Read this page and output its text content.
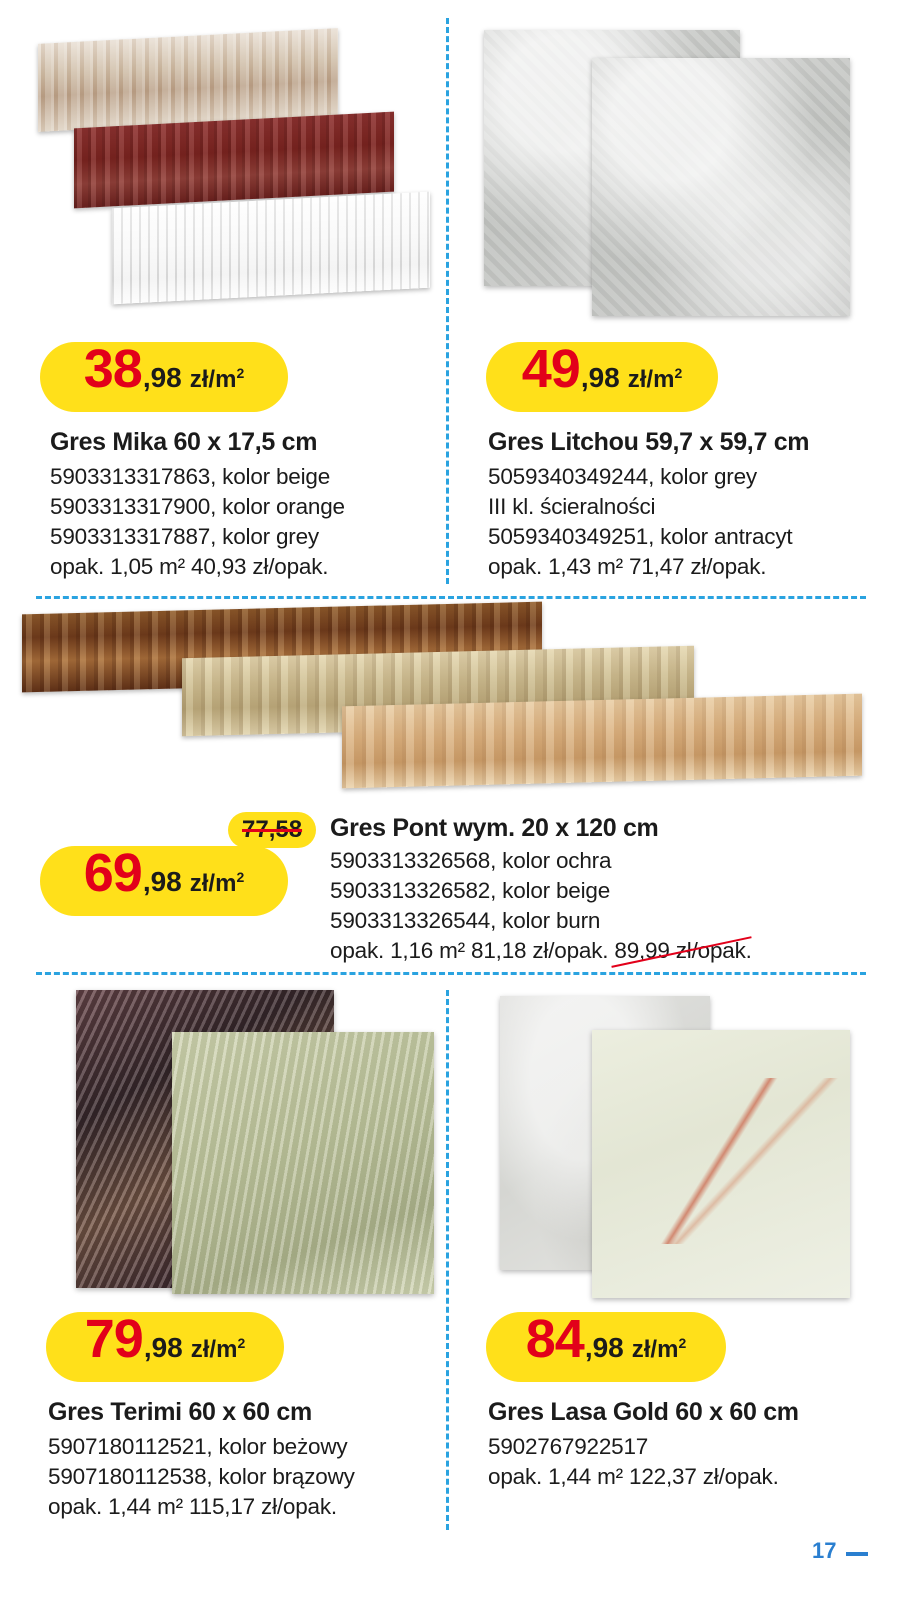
38 ,98 $zł/m^2$
Gres Mika 60 x 17,5 cm
5903313317863, kolor beige
5903313317900, kolor orange
5903313317887, kolor grey
opak. 1,05 m² 40,93 zł/opak.
49 ,98 $zł/m^2$
Gres Litchou 59,7 x 59,7 cm
5059340349244, kolor grey
III kl. ścieralności
5059340349251, kolor antracyt
opak. 1,43 m² 71,47 zł/opak.
77,58
69 ,98 $zł/m^2$
Gres Pont wym. 20 x 120 cm
5903313326568, kolor ochra
5903313326582, kolor beige
5903313326544, kolor burn
opak. 1,16 m² 81,18 zł/opak. 89,99 zł/opak.
79 ,98 $zł/m^2$
Gres Terimi 60 x 60 cm
5907180112521, kolor beżowy
5907180112538, kolor brązowy
opak. 1,44 m² 115,17 zł/opak.
84 ,98 $zł/m^2$
Gres Lasa Gold 60 x 60 cm
5902767922517
opak. 1,44 m² 122,37 zł/opak.
17
